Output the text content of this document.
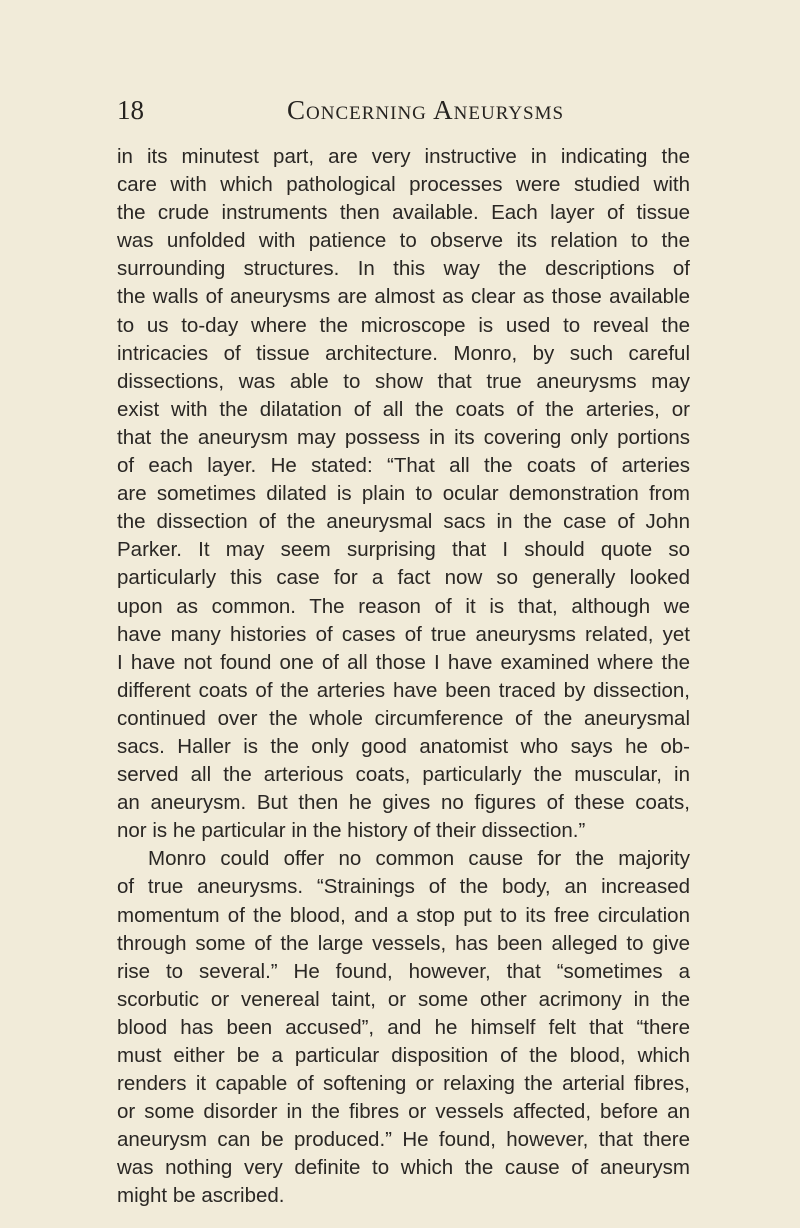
18	Concerning Aneurysms
in its minutest part, are very instructive in indicating the
care with which pathological processes were studied with
the crude instruments then available. Each layer of tissue
was unfolded with patience to observe its relation to the
surrounding structures. In this way the descriptions of
the walls of aneurysms are almost as clear as those available
to us to-day where the microscope is used to reveal the
intricacies of tissue architecture. Monro, by such careful
dissections, was able to show that true aneurysms may
exist with the dilatation of all the coats of the arteries, or
that the aneurysm may possess in its covering only portions
of each layer. He stated: “That all the coats of arteries
are sometimes dilated is plain to ocular demonstration from
the dissection of the aneurysmal sacs in the case of John
Parker. It may seem surprising that I should quote so
particularly this case for a fact now so generally looked
upon as common. The reason of it is that, although we
have many histories of cases of true aneurysms related, yet
I have not found one of all those I have examined where the
different coats of the arteries have been traced by dissection,
continued over the whole circumference of the aneurysmal
sacs. Haller is the only good anatomist who says he ob-
served all the arterious coats, particularly the muscular, in
an aneurysm. But then he gives no figures of these coats,
nor is he particular in the history of their dissection.”
Monro could offer no common cause for the majority
of true aneurysms. “Strainings of the body, an increased
momentum of the blood, and a stop put to its free circulation
through some of the large vessels, has been alleged to give
rise to several.” He found, however, that “sometimes a
scorbutic or venereal taint, or some other acrimony in the
blood has been accused”, and he himself felt that “there
must either be a particular disposition of the blood, which
renders it capable of softening or relaxing the arterial fibres,
or some disorder in the fibres or vessels affected, before an
aneurysm can be produced.” He found, however, that there
was nothing very definite to which the cause of aneurysm
might be ascribed.
